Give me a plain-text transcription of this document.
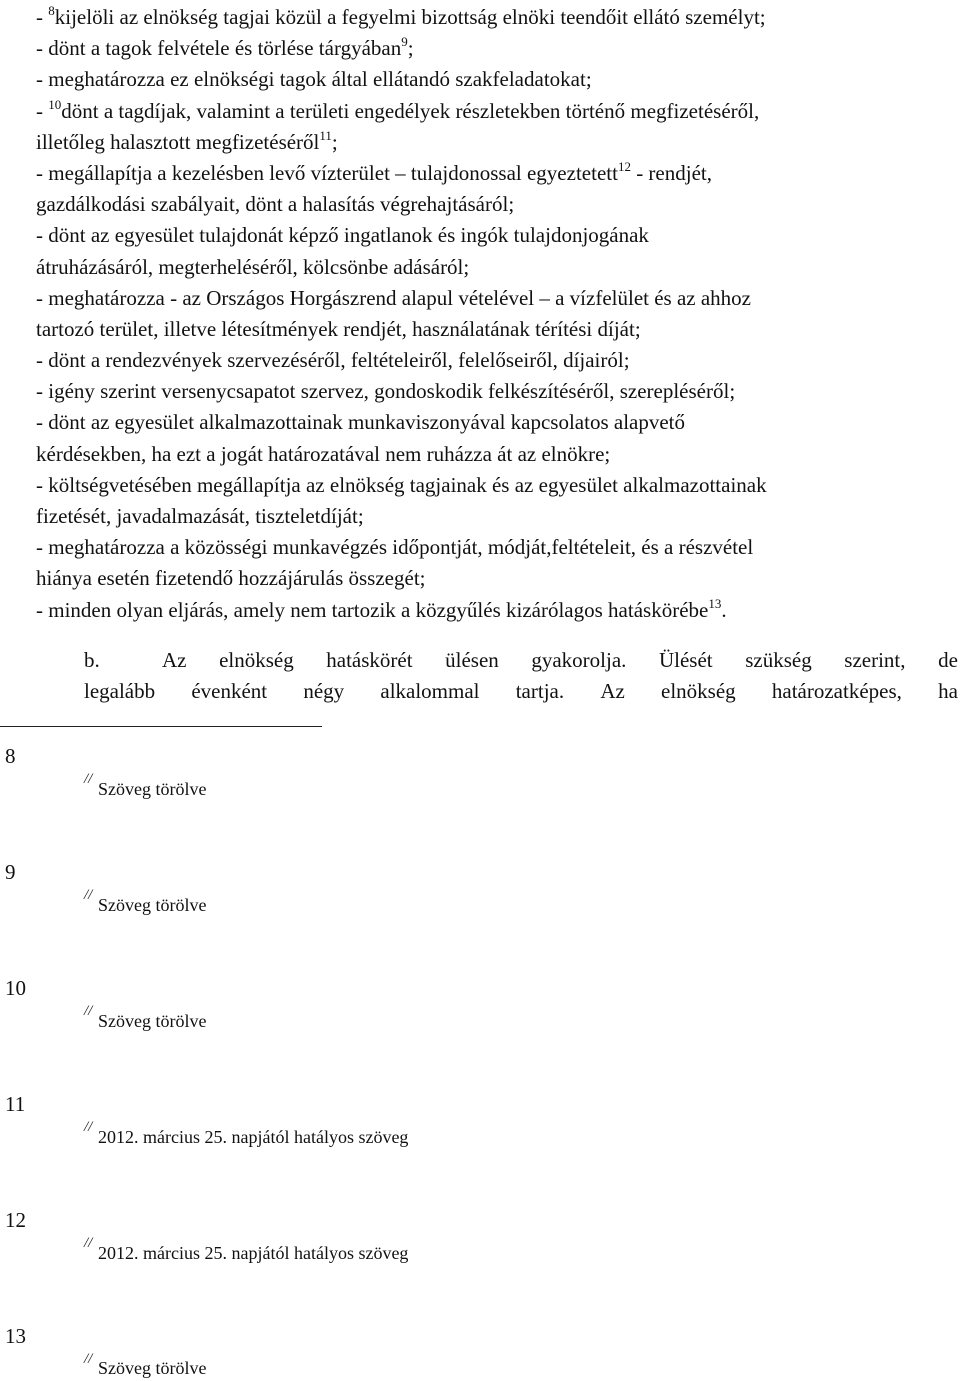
- $^8$kijelöli az elnökség tagjai közül a fegyelmi bizottság elnöki teendőit ellátó személyt;
- dönt a tagok felvétele és törlése tárgyában$^9$;
- meghatározza ez elnökségi tagok által ellátandó szakfeladatokat;
- $^{10}$dönt a tagdíjak, valamint a területi engedélyek részletekben történő megfizetéséről,
illetőleg halasztott megfizetéséről$^{11}$;
- megállapítja a kezelésben levő vízterület – tulajdonossal egyeztetett$^{12}$ - rendjét,
gazdálkodási szabályait, dönt a halasítás végrehajtásáról;
- dönt az egyesület tulajdonát képző ingatlanok és ingók tulajdonjogának
átruházásáról, megterheléséről, kölcsönbe adásáról;
- meghatározza - az Országos Horgászrend alapul vételével – a vízfelület és az ahhoz
tartozó terület, illetve létesítmények rendjét, használatának térítési díját;
- dönt a rendezvények szervezéséről, feltételeiről, felelőseiről, díjairól;
- igény szerint versenycsapatot szervez, gondoskodik felkészítéséről, szerepléséről;
- dönt az egyesület alkalmazottainak munkaviszonyával kapcsolatos alapvető
kérdésekben, ha ezt a jogát határozatával nem ruházza át az elnökre;
- költségvetésében megállapítja az elnökség tagjainak és az egyesület alkalmazottainak
fizetését, javadalmazását, tiszteletdíját;
- meghatározza a közösségi munkavégzés időpontját, módját,feltételeit, és a részvétel
hiánya esetén fizetendő hozzájárulás összegét;
- minden olyan eljárás, amely nem tartozik a közgyűlés kizárólagos hatáskörébe$^{13}$.
b.	Az elnökség hatáskörét ülésen gyakorolja. Ülését szükség szerint, de
legalább évenként négy alkalommal tartja. Az elnökség határozatképes, ha
8
// Szöveg törölve
9
// Szöveg törölve
10
// Szöveg törölve
11
// 2012. március 25. napjától hatályos szöveg
12
// 2012. március 25. napjától hatályos szöveg
13
// Szöveg törölve
